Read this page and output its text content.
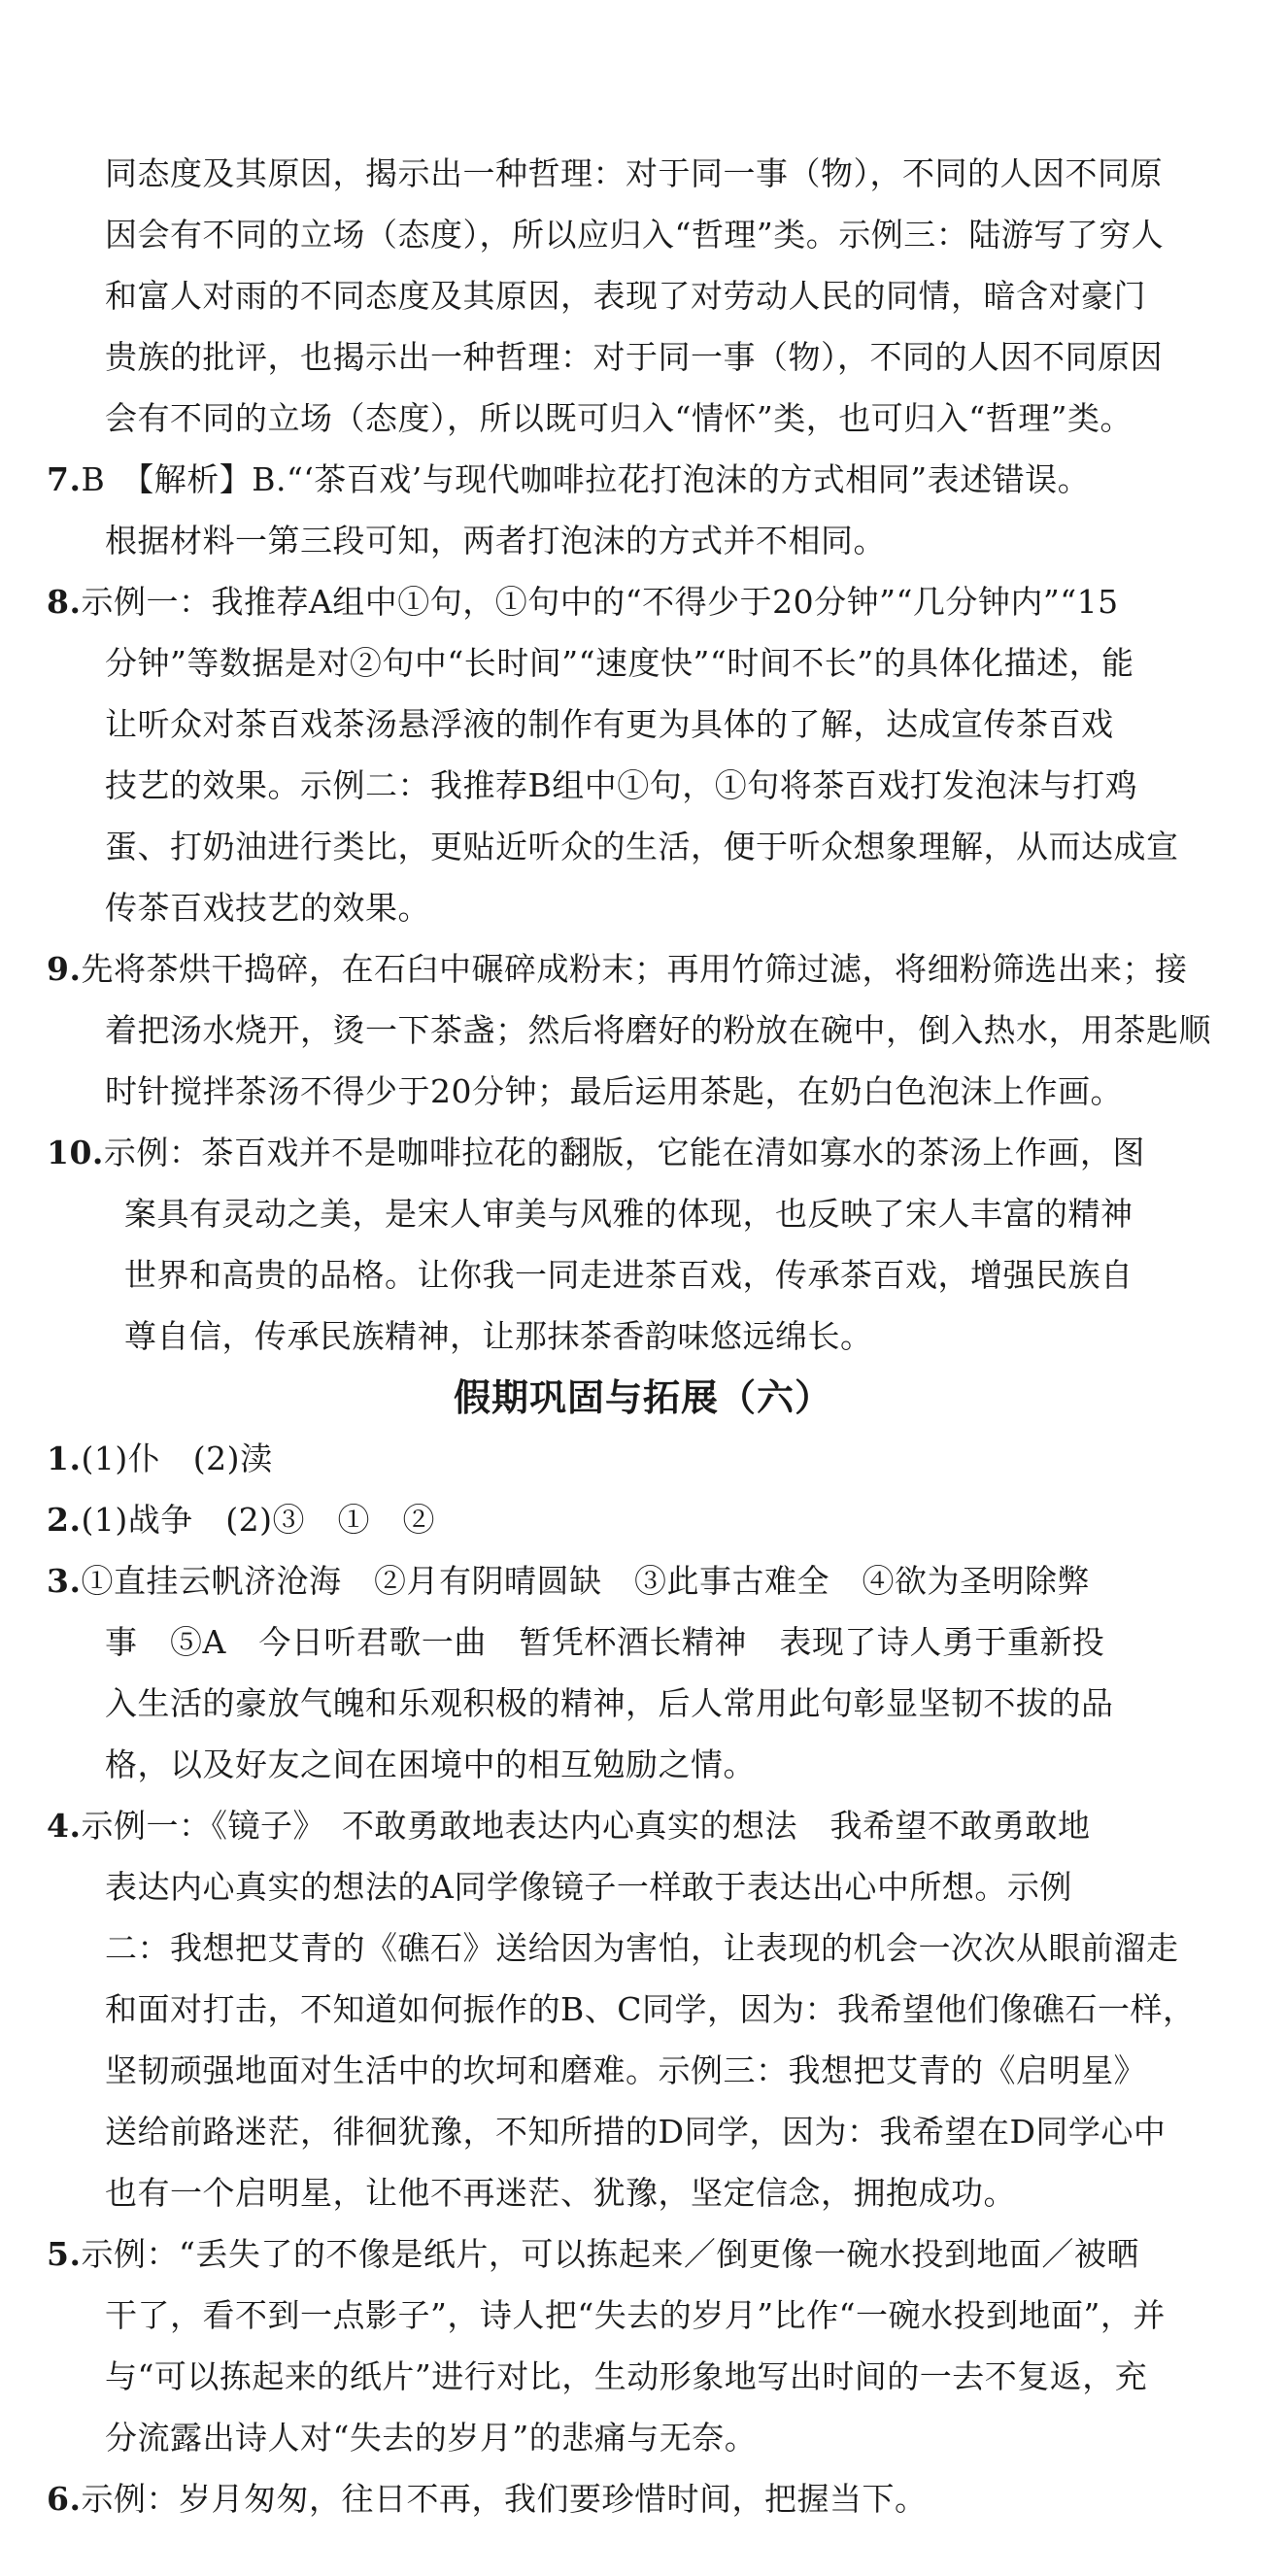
同态度及其原因，揭示出一种哲理：对于同一事（物），不同的人因不同原
因会有不同的立场（态度），所以应归入“哲理”类。示例三：陆游写了穷人
和富人对雨的不同态度及其原因，表现了对劳动人民的同情，暗含对豪门
贵族的批评，也揭示出一种哲理：对于同一事（物），不同的人因不同原因
会有不同的立场（态度），所以既可归入“情怀”类，也可归入“哲理”类。
7.B　【解析】B.“‘茶百戏’与现代咖啡拉花打泡沫的方式相同”表述错误。
根据材料一第三段可知，两者打泡沫的方式并不相同。
8.示例一：我推荐A组中①句，①句中的“不得少于20分钟”“几分钟内”“15
分钟”等数据是对②句中“长时间”“速度快”“时间不长”的具体化描述，能
让听众对茶百戏茶汤悬浮液的制作有更为具体的了解，达成宣传茶百戏
技艺的效果。示例二：我推荐B组中①句，①句将茶百戏打发泡沫与打鸡
蛋、打奶油进行类比，更贴近听众的生活，便于听众想象理解，从而达成宣
传茶百戏技艺的效果。
9.先将茶烘干捣碎，在石臼中碾碎成粉末；再用竹筛过滤，将细粉筛选出来；接
着把汤水烧开，烫一下茶盏；然后将磨好的粉放在碗中，倒入热水，用茶匙顺
时针搅拌茶汤不得少于20分钟；最后运用茶匙，在奶白色泡沫上作画。
10.示例：茶百戏并不是咖啡拉花的翻版，它能在清如寡水的茶汤上作画，图
案具有灵动之美，是宋人审美与风雅的体现，也反映了宋人丰富的精神
世界和高贵的品格。让你我一同走进茶百戏，传承茶百戏，增强民族自
尊自信，传承民族精神，让那抹茶香韵味悠远绵长。
假期巩固与拓展（六）
1.(1)仆　(2)渎
2.(1)战争　(2)③　①　②
3.①直挂云帆济沧海　②月有阴晴圆缺　③此事古难全　④欲为圣明除弊
事　⑤A　今日听君歌一曲　暂凭杯酒长精神　表现了诗人勇于重新投
入生活的豪放气魄和乐观积极的精神，后人常用此句彰显坚韧不拔的品
格，以及好友之间在困境中的相互勉励之情。
4.示例一：《镜子》　不敢勇敢地表达内心真实的想法　我希望不敢勇敢地
表达内心真实的想法的A同学像镜子一样敢于表达出心中所想。示例
二：我想把艾青的《礁石》送给因为害怕，让表现的机会一次次从眼前溜走
和面对打击，不知道如何振作的B、C同学，因为：我希望他们像礁石一样，
坚韧顽强地面对生活中的坎坷和磨难。示例三：我想把艾青的《启明星》
送给前路迷茫，徘徊犹豫，不知所措的D同学，因为：我希望在D同学心中
也有一个启明星，让他不再迷茫、犹豫，坚定信念，拥抱成功。
5.示例：“丢失了的不像是纸片，可以拣起来／倒更像一碗水投到地面／被晒
干了，看不到一点影子”，诗人把“失去的岁月”比作“一碗水投到地面”，并
与“可以拣起来的纸片”进行对比，生动形象地写出时间的一去不复返，充
分流露出诗人对“失去的岁月”的悲痛与无奈。
6.示例：岁月匆匆，往日不再，我们要珍惜时间，把握当下。
